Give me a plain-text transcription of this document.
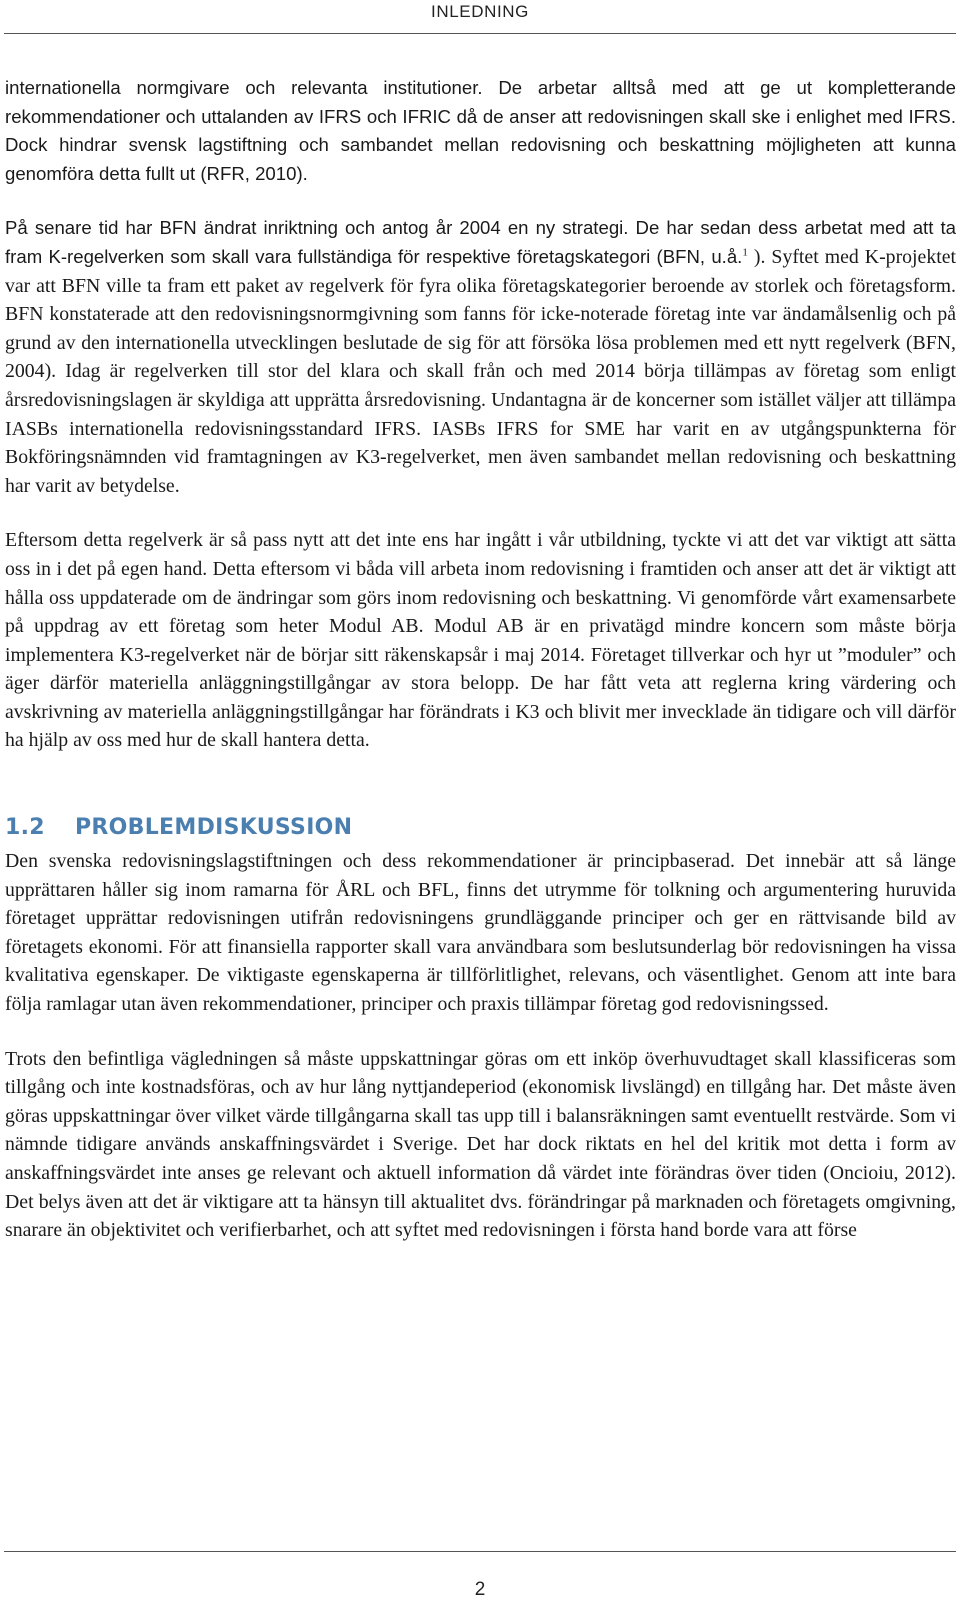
INLEDNING

internationella normgivare och relevanta institutioner. De arbetar alltså med att ge ut kompletterande rekommendationer och uttalanden av IFRS och IFRIC då de anser att redovisningen skall ske i enlighet med IFRS. Dock hindrar svensk lagstiftning och sambandet mellan redovisning och beskattning möjligheten att kunna genomföra detta fullt ut (RFR, 2010).

På senare tid har BFN ändrat inriktning och antog år 2004 en ny strategi. De har sedan dess arbetat med att ta fram K-regelverken som skall vara fullständiga för respektive företagskategori (BFN, u.å.$^1$ ). Syftet med K-projektet var att BFN ville ta fram ett paket av regelverk för fyra olika företagskategorier beroende av storlek och företagsform. BFN konstaterade att den redovisningsnormgivning som fanns för icke-noterade företag inte var ändamålsenlig och på grund av den internationella utvecklingen beslutade de sig för att försöka lösa problemen med ett nytt regelverk (BFN, 2004). Idag är regelverken till stor del klara och skall från och med 2014 börja tillämpas av företag som enligt årsredovisningslagen är skyldiga att upprätta årsredovisning. Undantagna är de koncerner som istället väljer att tillämpa IASBs internationella redovisningsstandard IFRS. IASBs IFRS for SME har varit en av utgångspunkterna för Bokföringsnämnden vid framtagningen av K3-regelverket, men även sambandet mellan redovisning och beskattning har varit av betydelse.

Eftersom detta regelverk är så pass nytt att det inte ens har ingått i vår utbildning, tyckte vi att det var viktigt att sätta oss in i det på egen hand. Detta eftersom vi båda vill arbeta inom redovisning i framtiden och anser att det är viktigt att hålla oss uppdaterade om de ändringar som görs inom redovisning och beskattning. Vi genomförde vårt examensarbete på uppdrag av ett företag som heter Modul AB. Modul AB är en privatägd mindre koncern som måste börja implementera K3-regelverket när de börjar sitt räkenskapsår i maj 2014. Företaget tillverkar och hyr ut ”moduler” och äger därför materiella anläggningstillgångar av stora belopp. De har fått veta att reglerna kring värdering och avskrivning av materiella anläggningstillgångar har förändrats i K3 och blivit mer invecklade än tidigare och vill därför ha hjälp av oss med hur de skall hantera detta.

1.2 PROBLEMDISKUSSION

Den svenska redovisningslagstiftningen och dess rekommendationer är principbaserad. Det innebär att så länge upprättaren håller sig inom ramarna för ÅRL och BFL, finns det utrymme för tolkning och argumentering huruvida företaget upprättar redovisningen utifrån redovisningens grundläggande principer och ger en rättvisande bild av företagets ekonomi. För att finansiella rapporter skall vara användbara som beslutsunderlag bör redovisningen ha vissa kvalitativa egenskaper. De viktigaste egenskaperna är tillförlitlighet, relevans, och väsentlighet. Genom att inte bara följa ramlagar utan även rekommendationer, principer och praxis tillämpar företag god redovisningssed.

Trots den befintliga vägledningen så måste uppskattningar göras om ett inköp överhuvudtaget skall klassificeras som tillgång och inte kostnadsföras, och av hur lång nyttjandeperiod (ekonomisk livslängd) en tillgång har. Det måste även göras uppskattningar över vilket värde tillgångarna skall tas upp till i balansräkningen samt eventuellt restvärde. Som vi nämnde tidigare används anskaffningsvärdet i Sverige. Det har dock riktats en hel del kritik mot detta i form av anskaffningsvärdet inte anses ge relevant och aktuell information då värdet inte förändras över tiden (Oncioiu, 2012). Det belys även att det är viktigare att ta hänsyn till aktualitet dvs. förändringar på marknaden och företagets omgivning, snarare än objektivitet och verifierbarhet, och att syftet med redovisningen i första hand borde vara att förse

2
